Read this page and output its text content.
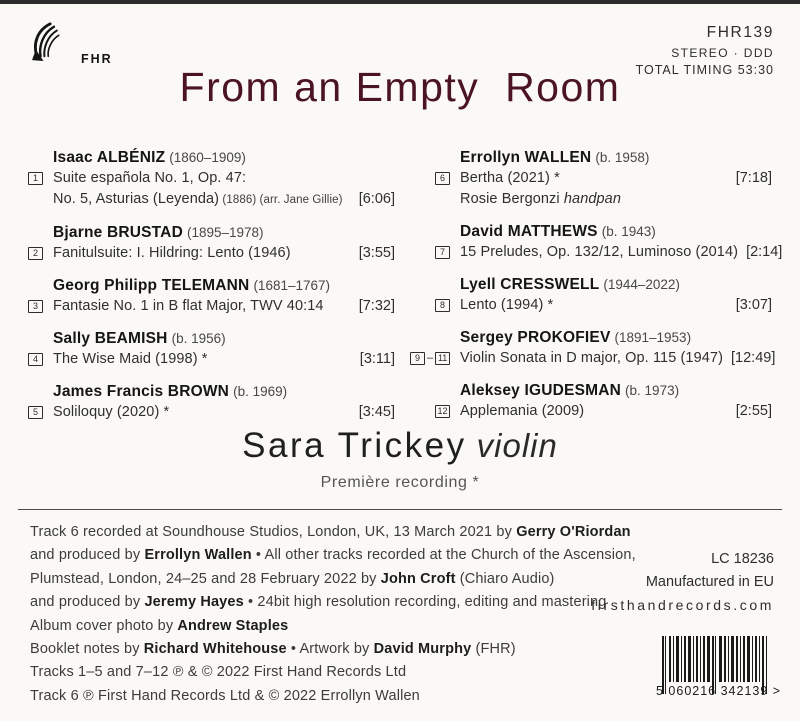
FHR
FHR139
STEREO · DDD
TOTAL TIMING 53:30
From an Empty  Room
Isaac ALBÉNIZ (1860–1909)
1	Suite española No. 1, Op. 47:
No. 5, Asturias (Leyenda) (1886) (arr. Jane Gillie)	[6:06]
Bjarne BRUSTAD (1895–1978)
2	Fanitulsuite: I. Hildring: Lento (1946)	[3:55]
Georg Philipp TELEMANN (1681–1767)
3	Fantasie No. 1 in B flat Major, TWV 40:14	[7:32]
Sally BEAMISH (b. 1956)
4	The Wise Maid (1998) *	[3:11]
James Francis BROWN (b. 1969)
5	Soliloquy (2020) *	[3:45]
Errollyn WALLEN (b. 1958)
6	Bertha (2021) *	[7:18]
Rosie Bergonzi handpan
David MATTHEWS (b. 1943)
7	15 Preludes, Op. 132/12, Luminoso (2014) [2:14]
Lyell CRESSWELL (1944–2022)
8	Lento (1994) *	[3:07]
Sergey PROKOFIEV (1891–1953)
9 – 11 Violin Sonata in D major, Op. 115 (1947) [12:49]
Aleksey IGUDESMAN (b. 1973)
12 Applemania (2009)	[2:55]
Sara Trickey violin
Première recording *
Track 6 recorded at Soundhouse Studios, London, UK, 13 March 2021 by Gerry O'Riordan
and produced by Errollyn Wallen • All other tracks recorded at the Church of the Ascension,
Plumstead, London, 24–25 and 28 February 2022 by John Croft (Chiaro Audio)
and produced by Jeremy Hayes • 24bit high resolution recording, editing and mastering
Album cover photo by Andrew Staples
Booklet notes by Richard Whitehouse • Artwork by David Murphy (FHR)
Tracks 1–5 and 7–12 ℗ & © 2022 First Hand Records Ltd
Track 6 ℗ First Hand Records Ltd & © 2022 Errollyn Wallen
LC 18236
Manufactured in EU
firsthandrecords.com
5 060216 342139 >
